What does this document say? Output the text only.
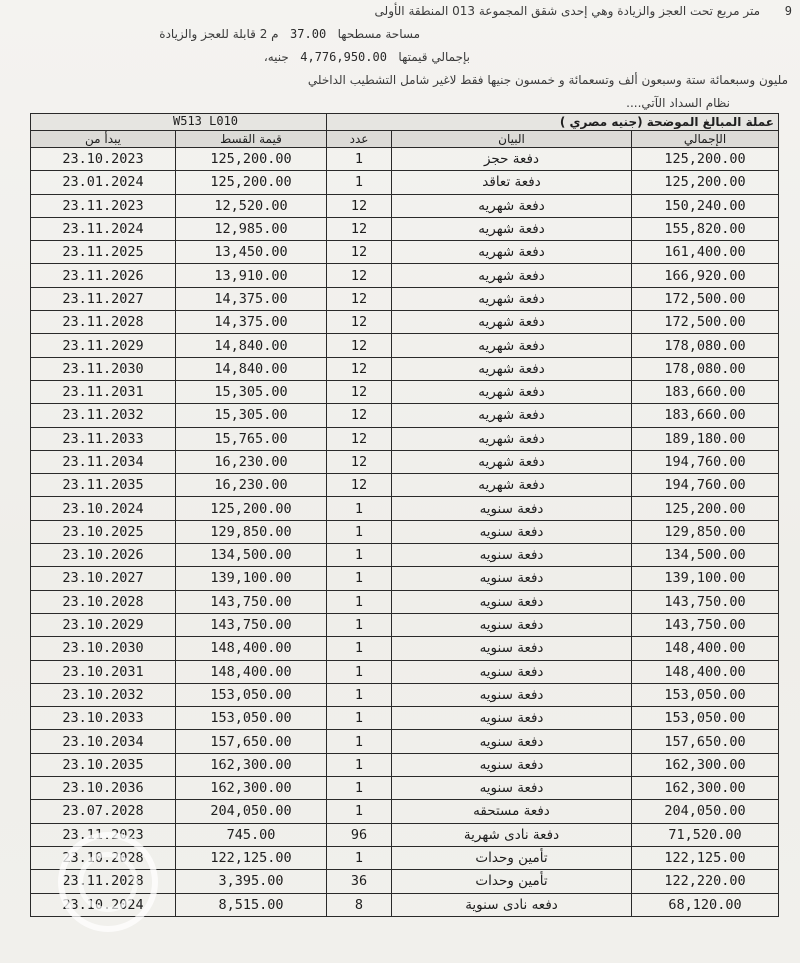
9
متر مربع تحت العجز والزيادة وهي إحدى شقق المجموعة 013 المنطقة الأولى
مساحة مسطحها   37.00   م 2 قابلة للعجز والزيادة
بإجمالي قيمتها   4,776,950.00   جنيه،
مليون وسبعمائة ستة وسبعون ألف وتسعمائة و خمسون جنيها فقط لاغير شامل التشطيب الداخلي
نظام السداد الآتي....
W513 L010		عملة المبالغ الموضحة (جنيه مصري )		
يبدأ من	قيمة القسط	عدد	البيان	الإجمالي
23.10.2023	125,200.00	1	دفعة حجز	125,200.00
23.01.2024	125,200.00	1	دفعة تعاقد	125,200.00
23.11.2023	12,520.00	12	دفعة شهريه	150,240.00
23.11.2024	12,985.00	12	دفعة شهريه	155,820.00
23.11.2025	13,450.00	12	دفعة شهريه	161,400.00
23.11.2026	13,910.00	12	دفعة شهريه	166,920.00
23.11.2027	14,375.00	12	دفعة شهريه	172,500.00
23.11.2028	14,375.00	12	دفعة شهريه	172,500.00
23.11.2029	14,840.00	12	دفعة شهريه	178,080.00
23.11.2030	14,840.00	12	دفعة شهريه	178,080.00
23.11.2031	15,305.00	12	دفعة شهريه	183,660.00
23.11.2032	15,305.00	12	دفعة شهريه	183,660.00
23.11.2033	15,765.00	12	دفعة شهريه	189,180.00
23.11.2034	16,230.00	12	دفعة شهريه	194,760.00
23.11.2035	16,230.00	12	دفعة شهريه	194,760.00
23.10.2024	125,200.00	1	دفعة سنويه	125,200.00
23.10.2025	129,850.00	1	دفعة سنويه	129,850.00
23.10.2026	134,500.00	1	دفعة سنويه	134,500.00
23.10.2027	139,100.00	1	دفعة سنويه	139,100.00
23.10.2028	143,750.00	1	دفعة سنويه	143,750.00
23.10.2029	143,750.00	1	دفعة سنويه	143,750.00
23.10.2030	148,400.00	1	دفعة سنويه	148,400.00
23.10.2031	148,400.00	1	دفعة سنويه	148,400.00
23.10.2032	153,050.00	1	دفعة سنويه	153,050.00
23.10.2033	153,050.00	1	دفعة سنويه	153,050.00
23.10.2034	157,650.00	1	دفعة سنويه	157,650.00
23.10.2035	162,300.00	1	دفعة سنويه	162,300.00
23.10.2036	162,300.00	1	دفعة سنويه	162,300.00
23.07.2028	204,050.00	1	دفعة مستحقه	204,050.00
23.11.2023	745.00	96	دفعة نادى شهرية	71,520.00
23.10.2028	122,125.00	1	تأمين وحدات	122,125.00
23.11.2028	3,395.00	36	تأمين وحدات	122,220.00
23.10.2024	8,515.00	8	دفعه نادى سنوية	68,120.00
